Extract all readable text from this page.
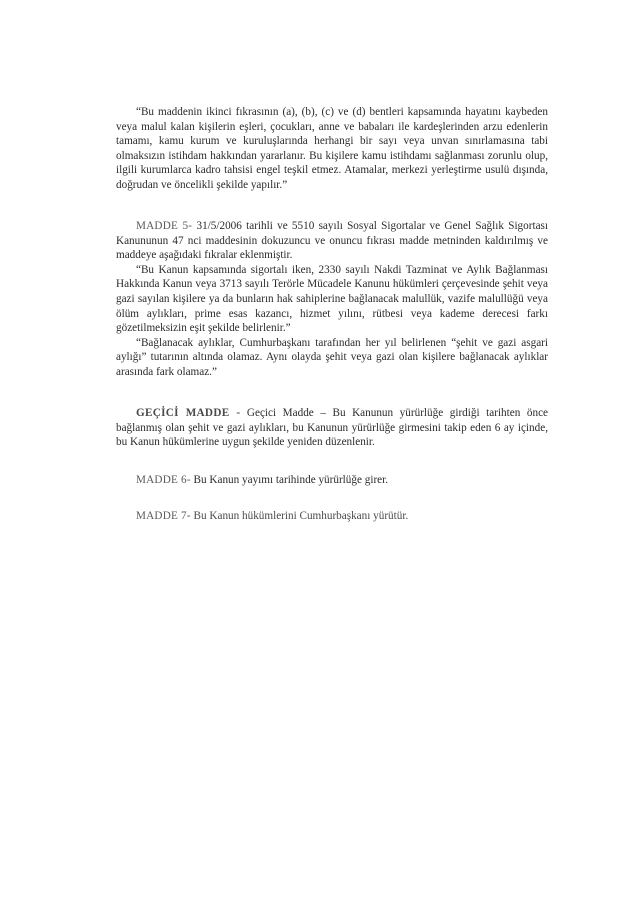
“Bu maddenin ikinci fıkrasının (a), (b), (c) ve (d) bentleri kapsamında hayatını kaybeden veya malul kalan kişilerin eşleri, çocukları, anne ve babaları ile kardeşlerinden arzu edenlerin tamamı, kamu kurum ve kuruluşlarında herhangi bir sayı veya unvan sınırlamasına tabi olmaksızın istihdam hakkından yararlanır. Bu kişilere kamu istihdamı sağlanması zorunlu olup, ilgili kurumlarca kadro tahsisi engel teşkil etmez. Atamalar, merkezi yerleştirme usulü dışında, doğrudan ve öncelikli şekilde yapılır.”

MADDE 5- 31/5/2006 tarihli ve 5510 sayılı Sosyal Sigortalar ve Genel Sağlık Sigortası Kanununun 47 nci maddesinin dokuzuncu ve onuncu fıkrası madde metninden kaldırılmış ve maddeye aşağıdaki fıkralar eklenmiştir.

“Bu Kanun kapsamında sigortalı iken, 2330 sayılı Nakdi Tazminat ve Aylık Bağlanması Hakkında Kanun veya 3713 sayılı Terörle Mücadele Kanunu hükümleri çerçevesinde şehit veya gazi sayılan kişilere ya da bunların hak sahiplerine bağlanacak malullük, vazife malullüğü veya ölüm aylıkları, prime esas kazancı, hizmet yılını, rütbesi veya kademe derecesi farkı gözetilmeksizin eşit şekilde belirlenir.”

“Bağlanacak aylıklar, Cumhurbaşkanı tarafından her yıl belirlenen “şehit ve gazi asgari aylığı” tutarının altında olamaz. Aynı olayda şehit veya gazi olan kişilere bağlanacak aylıklar arasında fark olamaz.”

GEÇİCİ MADDE - Geçici Madde – Bu Kanunun yürürlüğe girdiği tarihten önce bağlanmış olan şehit ve gazi aylıkları, bu Kanunun yürürlüğe girmesini takip eden 6 ay içinde, bu Kanun hükümlerine uygun şekilde yeniden düzenlenir.

MADDE 6- Bu Kanun yayımı tarihinde yürürlüğe girer.

MADDE 7- Bu Kanun hükümlerini Cumhurbaşkanı yürütür.
